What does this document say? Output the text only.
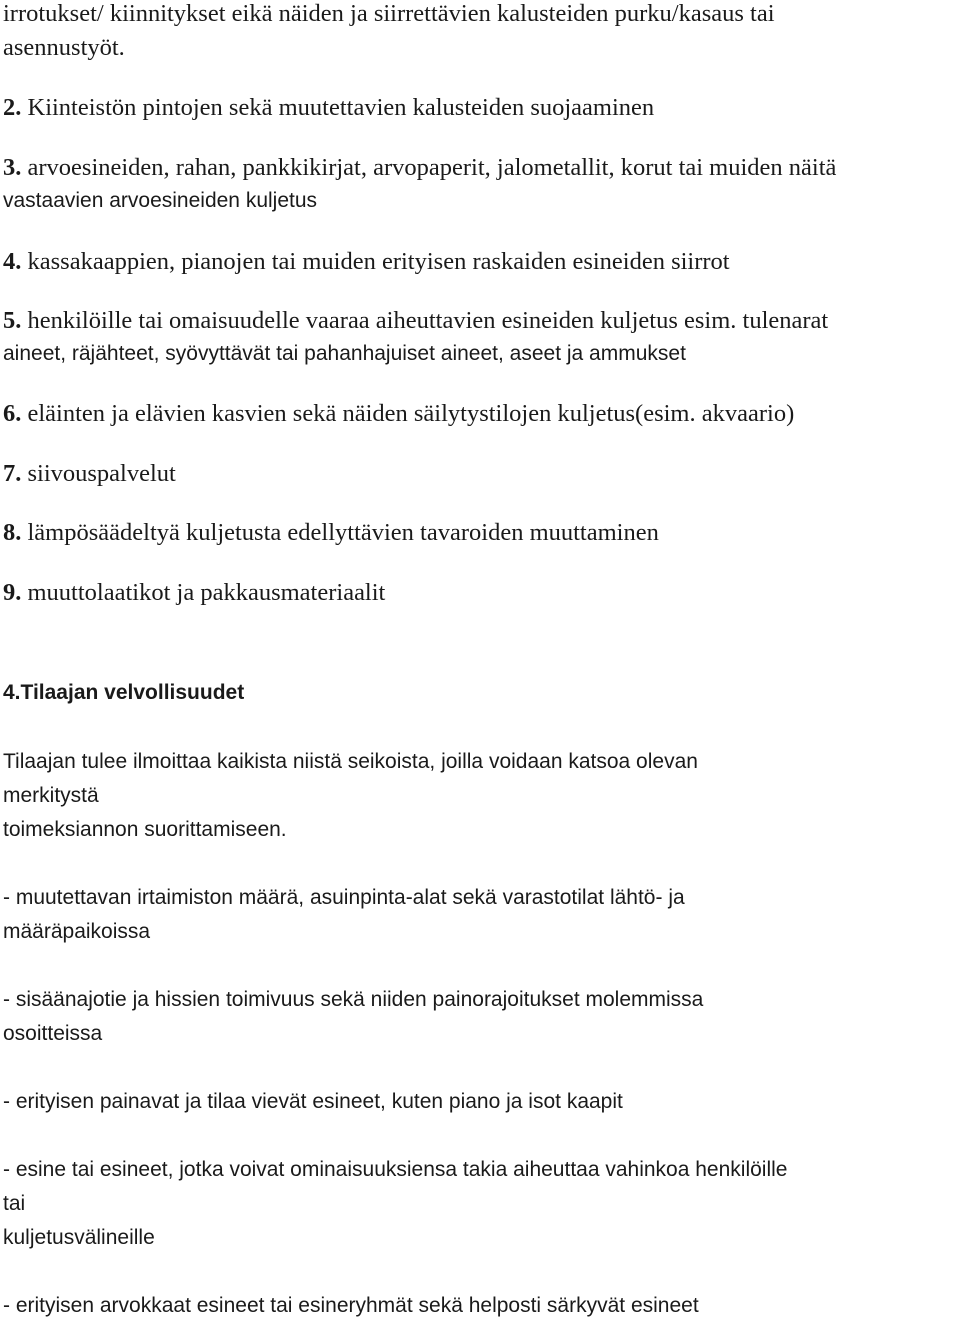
irrotukset/ kiinnitykset eikä näiden ja siirrettävien kalusteiden purku/kasaus tai
asennustyöt.
2. Kiinteistön pintojen sekä muutettavien kalusteiden suojaaminen
3. arvoesineiden, rahan, pankkikirjat, arvopaperit, jalometallit, korut tai muiden näitä
vastaavien arvoesineiden kuljetus
4. kassakaappien, pianojen tai muiden erityisen raskaiden esineiden siirrot
5. henkilöille tai omaisuudelle vaaraa aiheuttavien esineiden kuljetus esim. tulenarat
aineet, räjähteet, syövyttävät tai pahanhajuiset aineet, aseet ja ammukset
6. eläinten ja elävien kasvien sekä näiden säilytystilojen kuljetus(esim. akvaario)
7. siivouspalvelut
8. lämpösäädeltyä kuljetusta edellyttävien tavaroiden muuttaminen
9. muuttolaatikot ja pakkausmateriaalit
4.Tilaajan velvollisuudet
Tilaajan tulee ilmoittaa kaikista niistä seikoista, joilla voidaan katsoa olevan
merkitystä
toimeksiannon suorittamiseen.
- muutettavan irtaimiston määrä, asuinpinta-alat sekä varastotilat lähtö- ja
määräpaikoissa
- sisäänajotie ja hissien toimivuus sekä niiden painorajoitukset molemmissa
osoitteissa
- erityisen painavat ja tilaa vievät esineet, kuten piano ja isot kaapit
- esine tai esineet, jotka voivat ominaisuuksiensa takia aiheuttaa vahinkoa henkilöille
tai
kuljetusvälineille
- erityisen arvokkaat esineet tai esineryhmät sekä helposti särkyvät esineet
